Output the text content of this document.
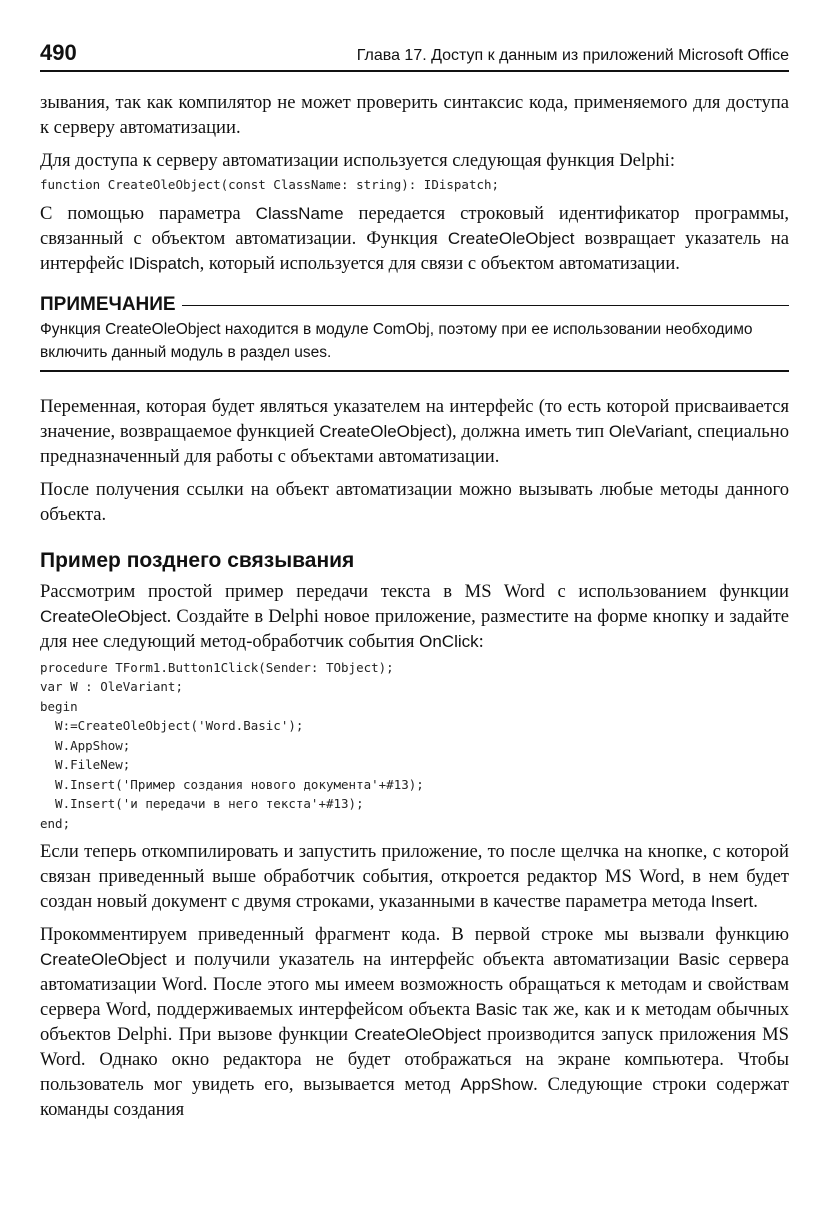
490	Глава 17. Доступ к данным из приложений Microsoft Office

зывания, так как компилятор не может проверить синтаксис кода, применяемого для доступа к серверу автоматизации.

Для доступа к серверу автоматизации используется следующая функция Delphi:

function CreateOleObject(const ClassName: string): IDispatch;

С помощью параметра ClassName передается строковый идентификатор программы, связанный с объектом автоматизации. Функция CreateOleObject возвращает указатель на интерфейс IDispatch, который используется для связи с объектом автоматизации.

ПРИМЕЧАНИЕ

Функция CreateOleObject находится в модуле ComObj, поэтому при ее использовании необходимо включить данный модуль в раздел uses.

Переменная, которая будет являться указателем на интерфейс (то есть которой присваивается значение, возвращаемое функцией CreateOleObject), должна иметь тип OleVariant, специально предназначенный для работы с объектами автоматизации.

После получения ссылки на объект автоматизации можно вызывать любые методы данного объекта.

Пример позднего связывания

Рассмотрим простой пример передачи текста в MS Word с использованием функции CreateOleObject. Создайте в Delphi новое приложение, разместите на форме кнопку и задайте для нее следующий метод-обработчик события OnClick:

procedure TForm1.Button1Click(Sender: TObject);
var W : OleVariant;
begin
W:=CreateOleObject('Word.Basic');
W.AppShow;
W.FileNew;
W.Insert('Пример создания нового документа'+#13);
W.Insert('и передачи в него текста'+#13);
end;

Если теперь откомпилировать и запустить приложение, то после щелчка на кнопке, с которой связан приведенный выше обработчик события, откроется редактор MS Word, в нем будет создан новый документ с двумя строками, указанными в качестве параметра метода Insert.

Прокомментируем приведенный фрагмент кода. В первой строке мы вызвали функцию CreateOleObject и получили указатель на интерфейс объекта автоматизации Basic сервера автоматизации Word. После этого мы имеем возможность обращаться к методам и свойствам сервера Word, поддерживаемых интерфейсом объекта Basic так же, как и к методам обычных объектов Delphi. При вызове функции CreateOleObject производится запуск приложения MS Word. Однако окно редактора не будет отображаться на экране компьютера. Чтобы пользователь мог увидеть его, вызывается метод AppShow. Следующие строки содержат команды создания
